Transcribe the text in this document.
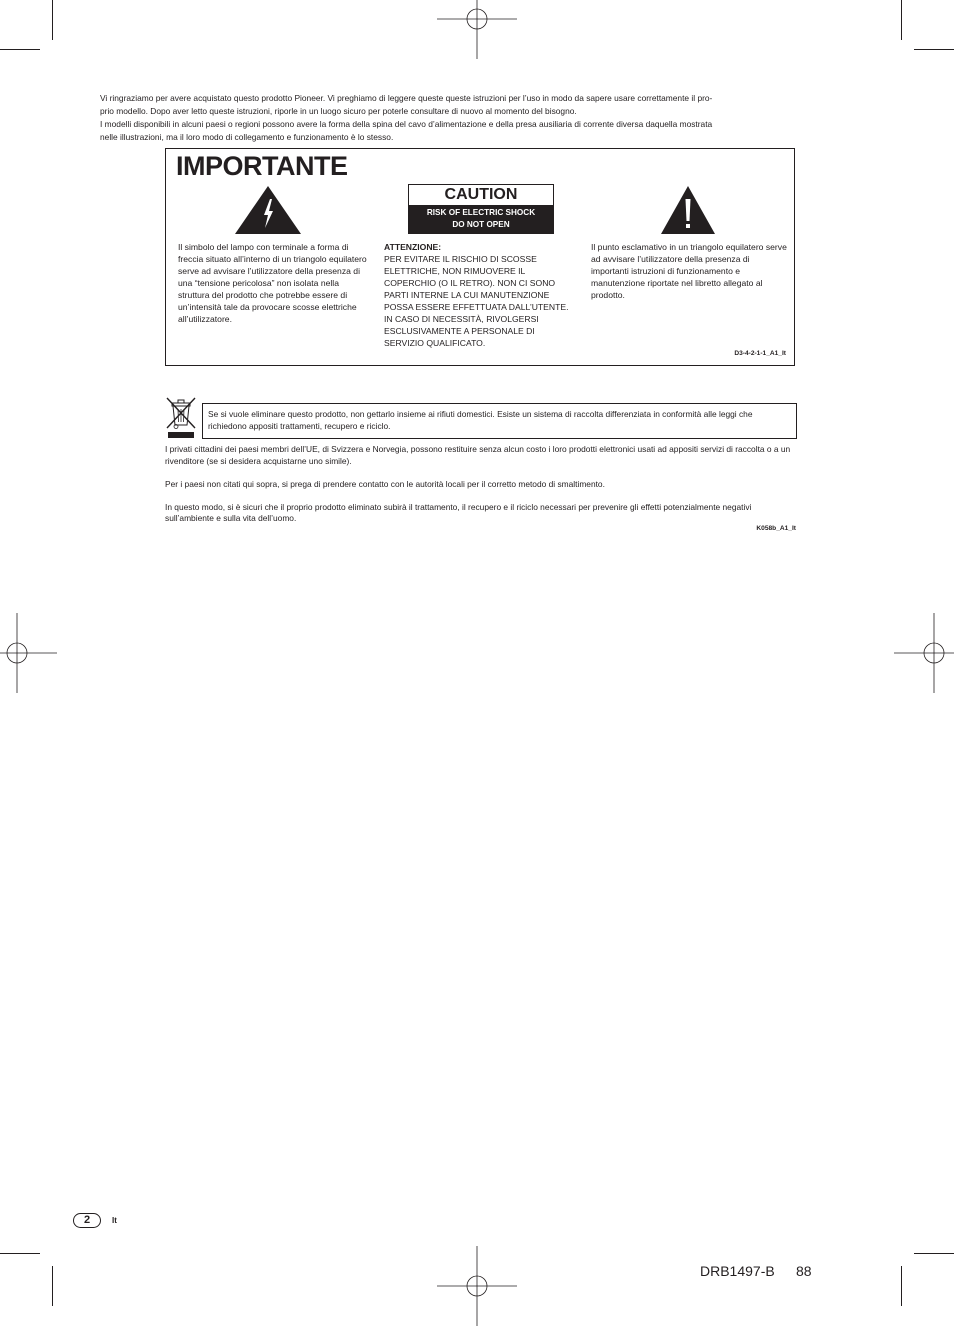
Vi ringraziamo per avere acquistato questo prodotto Pioneer. Vi preghiamo di leggere queste queste istruzioni per l’uso in modo da sapere usare correttamente il pro-

prio modello. Dopo aver letto queste istruzioni, riporle in un luogo sicuro per poterle consultare di nuovo al momento del bisogno.

I modelli disponibili in alcuni paesi o regioni possono avere la forma della spina del cavo d’alimentazione e della presa ausiliaria di corrente diversa daquella mostrata

nelle illustrazioni, ma il loro modo di collegamento e funzionamento è lo stesso.

IMPORTANTE
CAUTION
RISK OF ELECTRIC SHOCK
DO NOT OPEN
Il simbolo del lampo con terminale a forma di freccia situato all’interno di un triangolo equilatero serve ad avvisare l’utilizzatore della presenza di una “tensione pericolosa” non isolata nella struttura del prodotto che potrebbe essere di un’intensità tale da provocare scosse elettriche all’utilizzatore.
ATTENZIONE:
PER EVITARE IL RISCHIO DI SCOSSE ELETTRICHE, NON RIMUOVERE IL COPERCHIO (O IL RETRO). NON CI SONO PARTI INTERNE LA CUI MANUTENZIONE POSSA ESSERE EFFETTUATA DALL’UTENTE. IN CASO DI NECESSITÀ, RIVOLGERSI ESCLUSIVAMENTE A PERSONALE DI SERVIZIO QUALIFICATO.
Il punto esclamativo in un triangolo equilatero serve ad avvisare l’utilizzatore della presenza di importanti istruzioni di funzionamento e manutenzione riportate nel libretto allegato al prodotto.
D3-4-2-1-1_A1_It
Se si vuole eliminare questo prodotto, non gettarlo insieme ai rifiuti domestici. Esiste un sistema di raccolta differenziata in conformità alle leggi che richiedono appositi trattamenti, recupero e riciclo.

I privati cittadini dei paesi membri dell’UE, di Svizzera e Norvegia, possono restituire senza alcun costo i loro prodotti elettronici usati ad appositi servizi di raccolta o a un rivenditore (se si desidera acquistarne uno simile).

Per i paesi non citati qui sopra, si prega di prendere contatto con le autorità locali per il corretto metodo di smaltimento.

In questo modo, si è sicuri che il proprio prodotto eliminato subirà il trattamento, il recupero e il riciclo necessari per prevenire gli effetti potenzialmente negativi sull’ambiente e sulla vita dell’uomo.

K058b_A1_It
2	It
DRB1497-B 88
